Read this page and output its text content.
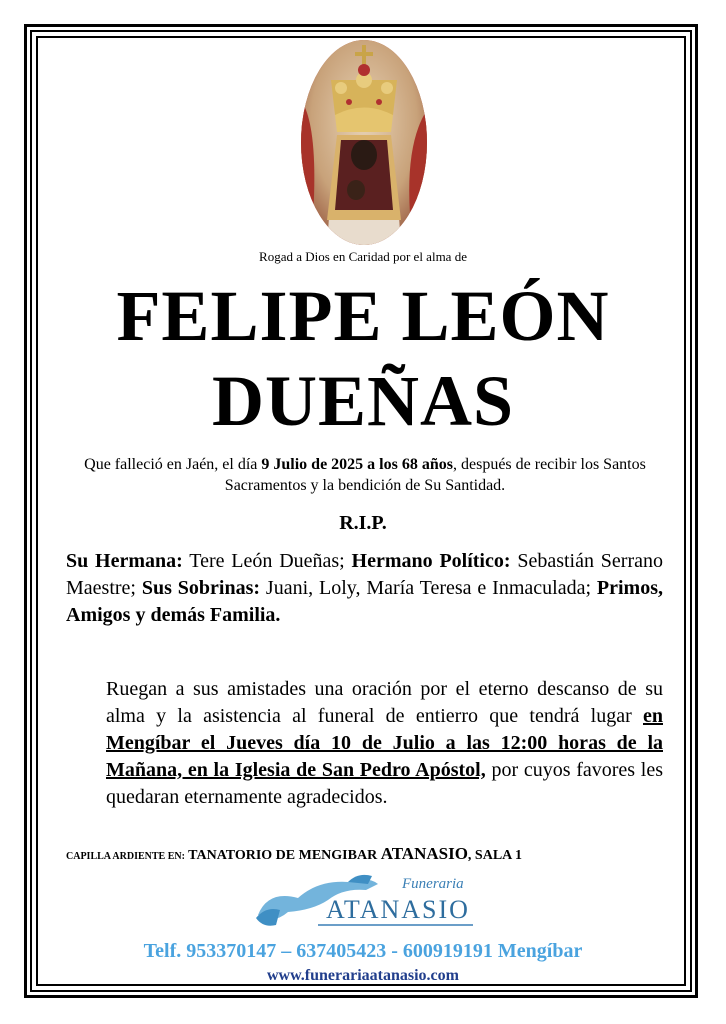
Rogad a Dios en Caridad por el alma de
FELIPE LEÓN
DUEÑAS
Que falleció en Jaén, el día 9 Julio de 2025 a los 68 años, después de recibir los Santos Sacramentos y la bendición de Su Santidad.
R.I.P.
Su Hermana: Tere León Dueñas; Hermano Político: Sebastián Serrano Maestre; Sus Sobrinas: Juani, Loly, María Teresa e Inmaculada; Primos, Amigos y demás Familia.
Ruegan a sus amistades una oración por el eterno descanso de su alma y la asistencia al funeral de entierro que tendrá lugar en Mengíbar el Jueves día 10 de Julio a las 12:00 horas de la Mañana, en la Iglesia de San Pedro Apóstol, por cuyos favores les quedaran eternamente agradecidos.
CAPILLA ARDIENTE EN: TANATORIO DE MENGIBAR ATANASIO, SALA 1
Funeraria
ATANASIO
Telf. 953370147 – 637405423 - 600919191 Mengíbar
www.funerariaatanasio.com
